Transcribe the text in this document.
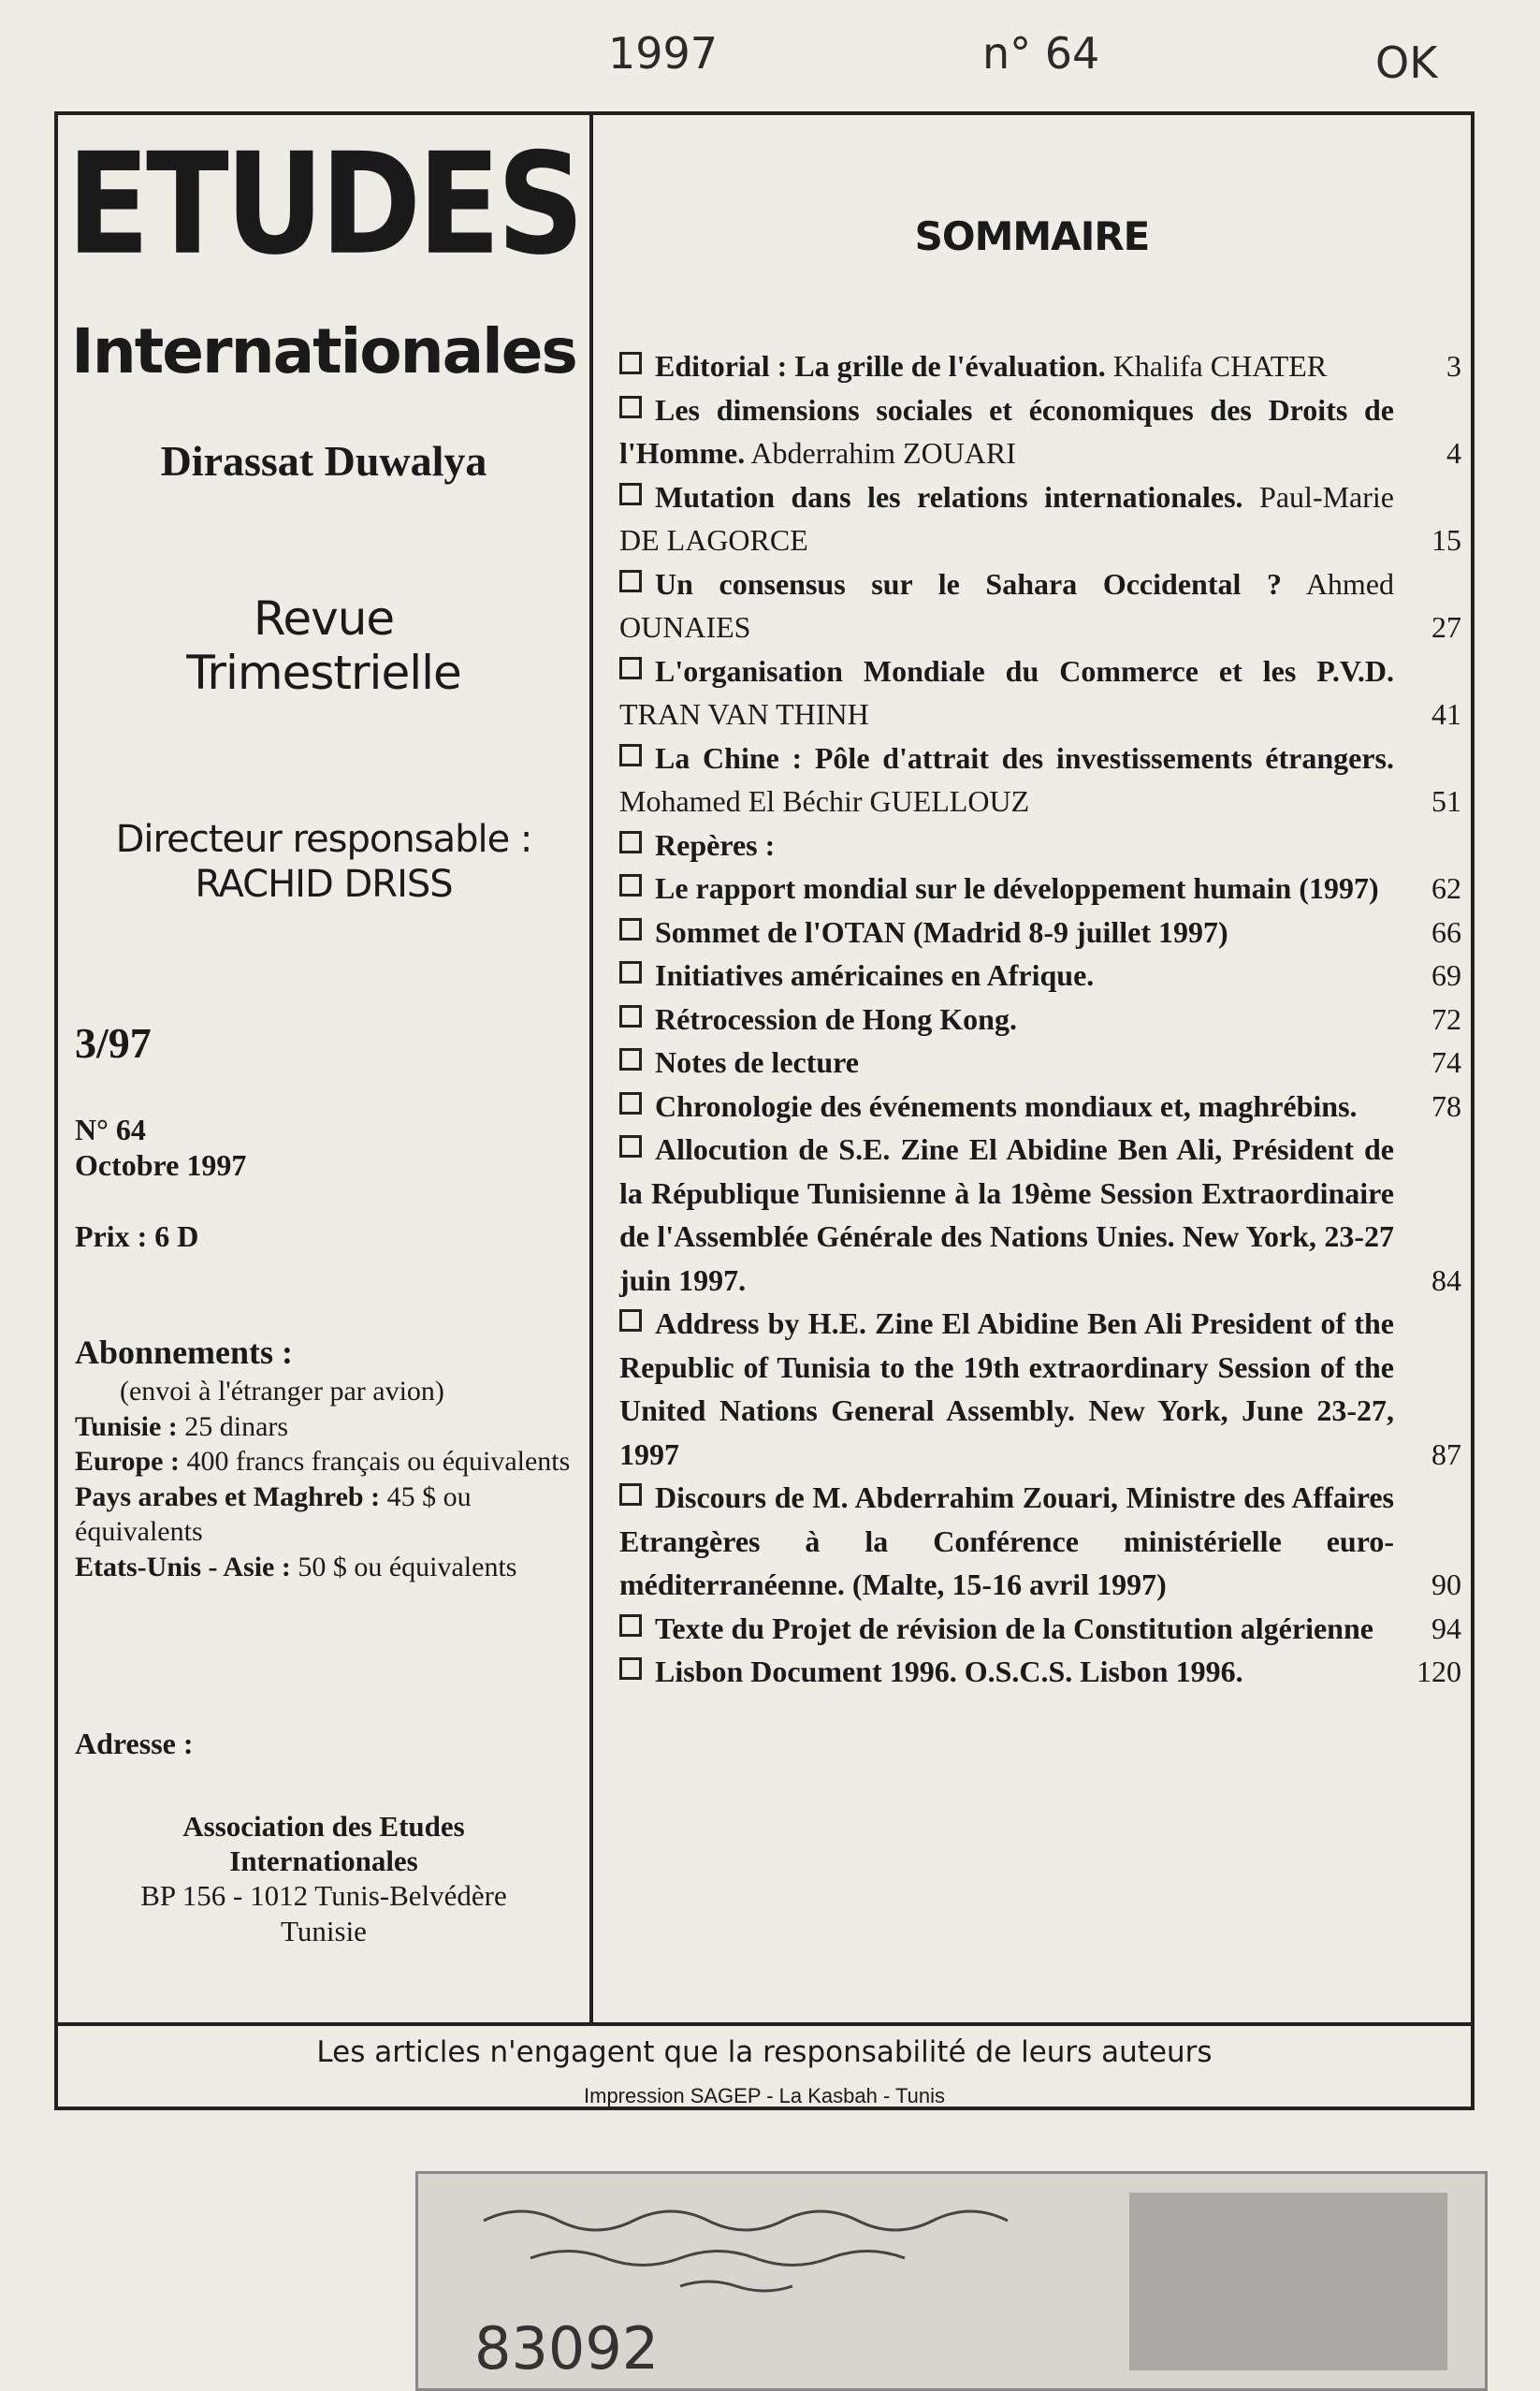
1997	n° 64	OK
ETUDES
Internationales
Dirassat Duwalya
Revue Trimestrielle
Directeur responsable :
RACHID DRISS
3/97
N° 64
Octobre 1997
Prix : 6 D
Abonnements :
(envoi à l'étranger par avion)
Tunisie : 25 dinars
Europe : 400 francs français ou équivalents
Pays arabes et Maghreb : 45 $ ou équivalents
Etats-Unis - Asie : 50 $ ou équivalents
Adresse :
Association des Etudes Internationales
BP 156 - 1012 Tunis-Belvédère
Tunisie
SOMMAIRE
Editorial : La grille de l'évaluation. Khalifa CHATER	3
Les dimensions sociales et économiques des Droits de l'Homme. Abderrahim ZOUARI	4
Mutation dans les relations internationales. Paul-Marie DE LAGORCE	15
Un consensus sur le Sahara Occidental ? Ahmed OUNAIES	27
L'organisation Mondiale du Commerce et les P.V.D. TRAN VAN THINH	41
La Chine : Pôle d'attrait des investissements étrangers. Mohamed El Béchir GUELLOUZ	51
Repères :
Le rapport mondial sur le développement humain (1997)	62
Sommet de l'OTAN (Madrid 8-9 juillet 1997)	66
Initiatives américaines en Afrique.	69
Rétrocession de Hong Kong.	72
Notes de lecture	74
Chronologie des événements mondiaux et, maghrébins.	78
Allocution de S.E. Zine El Abidine Ben Ali, Président de la République Tunisienne à la 19ème Session Extraordinaire de l'Assemblée Générale des Nations Unies. New York, 23-27 juin 1997.	84
Address by H.E. Zine El Abidine Ben Ali President of the Republic of Tunisia to the 19th extraordinary Session of the United Nations General Assembly. New York, June 23-27, 1997	87
Discours de M. Abderrahim Zouari, Ministre des Affaires Etrangères à la Conférence ministérielle euro-méditerranéenne. (Malte, 15-16 avril 1997)	90
Texte du Projet de révision de la Constitution algérienne	94
Lisbon Document 1996. O.S.C.S. Lisbon 1996.	120
Les articles n'engagent que la responsabilité de leurs auteurs
Impression SAGEP - La Kasbah - Tunis
83092
